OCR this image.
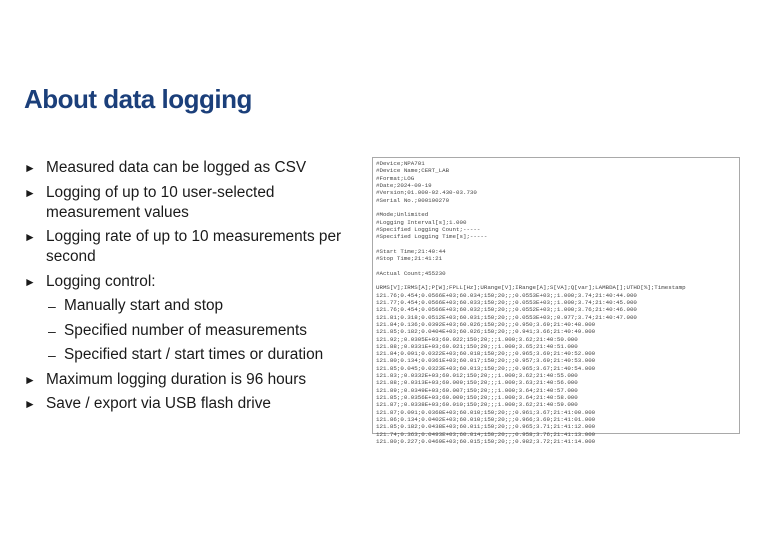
About data logging
► Measured data can be logged as CSV
► Logging of up to 10 user-selected measurement values
► Logging rate of up to 10 measurements per second
► Logging control:
– Manually start and stop
– Specified number of measurements
– Specified start / start times or duration
► Maximum logging duration is 96 hours
► Save / export via USB flash drive
#Device;NPA701
#Device Name;CERT_LAB
#Format;LOG
#Date;2024-09-19
#Version;01.000-02.430-03.730
#Serial No.;000100270
#Mode;Unlimited
#Logging Interval[s];1.000
#Specified Logging Count;-----
#Specified Logging Time[s];-----
#Start Time;21:40:44
#Stop Time;21:41:21
#Actual Count;455230
URMS[V];IRMS[A];P[W];FPLL[Hz];URange[V];IRange[A];S[VA];Q[var];LAMBDA[];UTHD[%];Timestamp
121.76;0.454;0.0566E+03;60.034;150;20;;;0.0553E+03;;1.000;3.74;21:40:44.000
121.77;0.454;0.0566E+03;60.033;150;20;;;0.0553E+03;;1.000;3.74;21:40:45.000
121.76;0.454;0.0566E+03;60.032;150;20;;;0.0552E+03;;1.000;3.76;21:40:46.000
121.81;0.318;0.0512E+03;60.031;150;20;;;0.0553E+03;;0.977;3.74;21:40:47.000
121.84;0.136;0.0392E+03;60.026;150;20;;;0.950;3.69;21:40:48.000
121.85;0.182;0.0404E+03;60.026;150;20;;;0.941;3.66;21:40:49.000
121.92;;0.0305E+03;60.022;150;20;;;1.000;3.62;21:40:50.000
121.88;;0.0331E+03;60.021;150;20;;;1.000;3.65;21:40:51.000
121.84;0.091;0.0322E+03;60.018;150;20;;;0.965;3.69;21:40:52.000
121.80;0.134;0.0361E+03;60.017;150;20;;;0.957;3.69;21:40:53.000
121.85;0.045;0.0323E+03;60.013;150;20;;;0.965;3.67;21:40:54.000
121.83;;0.0332E+03;60.012;150;20;;;1.000;3.62;21:40:55.000
121.88;;0.0313E+03;60.009;150;20;;;1.000;3.63;21:40:56.000
121.89;;0.0349E+03;60.007;150;20;;;1.000;3.64;21:40:57.000
121.85;;0.0356E+03;60.009;150;20;;;1.000;3.64;21:40:58.000
121.87;;0.0338E+03;60.010;150;20;;;1.000;3.62;21:40:59.000
121.87;0.091;0.0368E+03;60.010;150;20;;;0.961;3.67;21:41:00.000
121.86;0.134;0.0402E+03;60.010;150;20;;;0.966;3.69;21:41:01.000
121.85;0.182;0.0438E+03;60.011;150;20;;;0.965;3.71;21:41:12.000
121.74;0.363;0.0493E+03;60.014;150;20;;;0.958;3.76;21:41:13.000
121.80;0.227;0.0469E+03;60.015;150;20;;;0.982;3.72;21:41:14.000
